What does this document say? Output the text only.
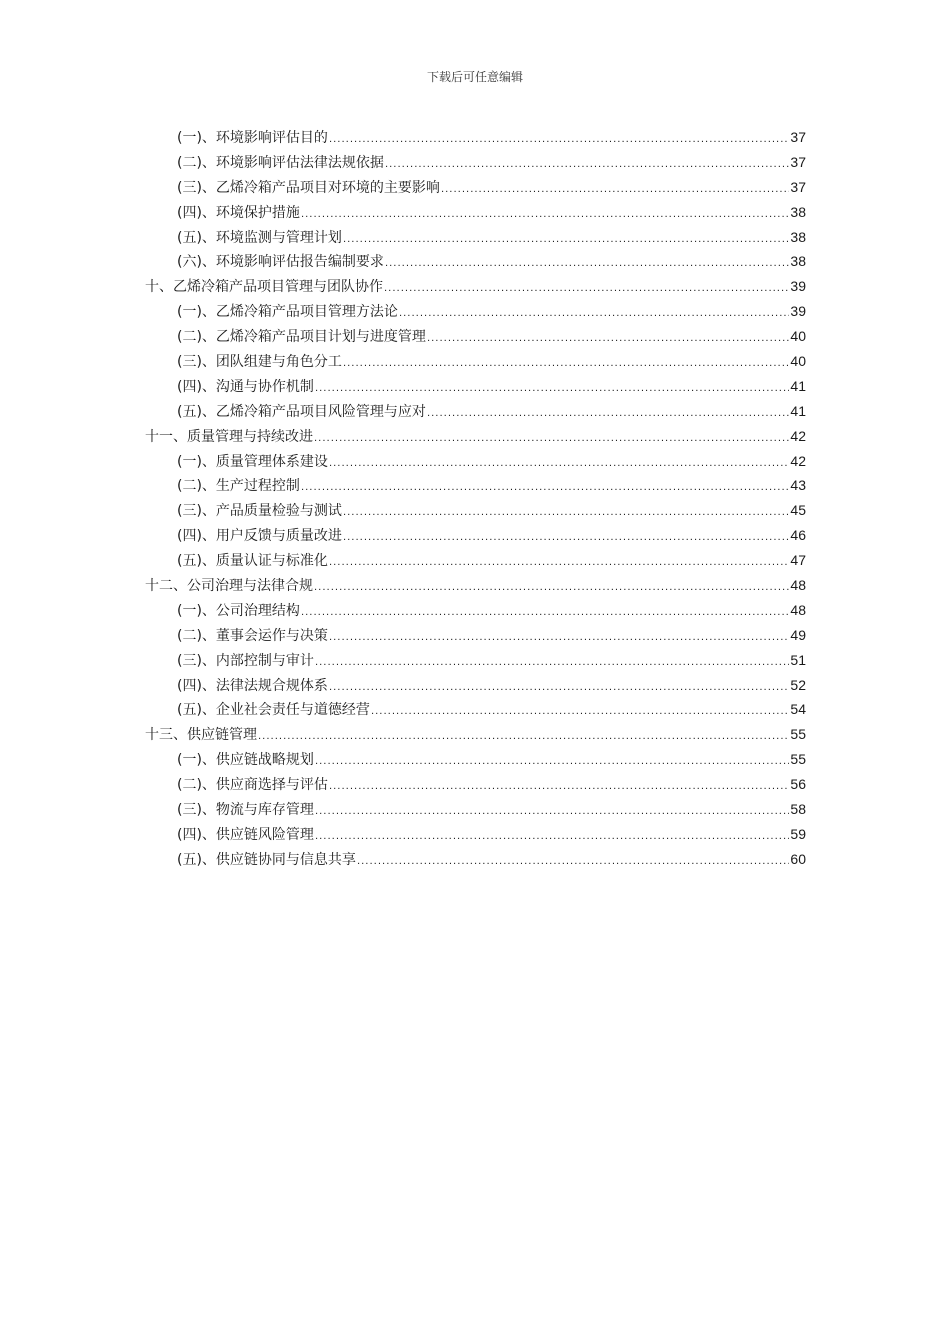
下载后可任意编辑
(一)、环境影响评估目的 .....	37
(二)、环境影响评估法律法规依据 .....	37
(三)、乙烯冷箱产品项目对环境的主要影响 .....	37
(四)、环境保护措施 .....	38
(五)、环境监测与管理计划 .....	38
(六)、环境影响评估报告编制要求 .....	38
十、乙烯冷箱产品项目管理与团队协作 .....	39
(一)、乙烯冷箱产品项目管理方法论 .....	39
(二)、乙烯冷箱产品项目计划与进度管理 .....	40
(三)、团队组建与角色分工 .....	40
(四)、沟通与协作机制 .....	41
(五)、乙烯冷箱产品项目风险管理与应对 .....	41
十一、质量管理与持续改进 .....	42
(一)、质量管理体系建设 .....	42
(二)、生产过程控制 .....	43
(三)、产品质量检验与测试 .....	45
(四)、用户反馈与质量改进 .....	46
(五)、质量认证与标准化 .....	47
十二、公司治理与法律合规 .....	48
(一)、公司治理结构 .....	48
(二)、董事会运作与决策 .....	49
(三)、内部控制与审计 .....	51
(四)、法律法规合规体系 .....	52
(五)、企业社会责任与道德经营 .....	54
十三、供应链管理 .....	55
(一)、供应链战略规划 .....	55
(二)、供应商选择与评估 .....	56
(三)、物流与库存管理 .....	58
(四)、供应链风险管理 .....	59
(五)、供应链协同与信息共享 .....	60
